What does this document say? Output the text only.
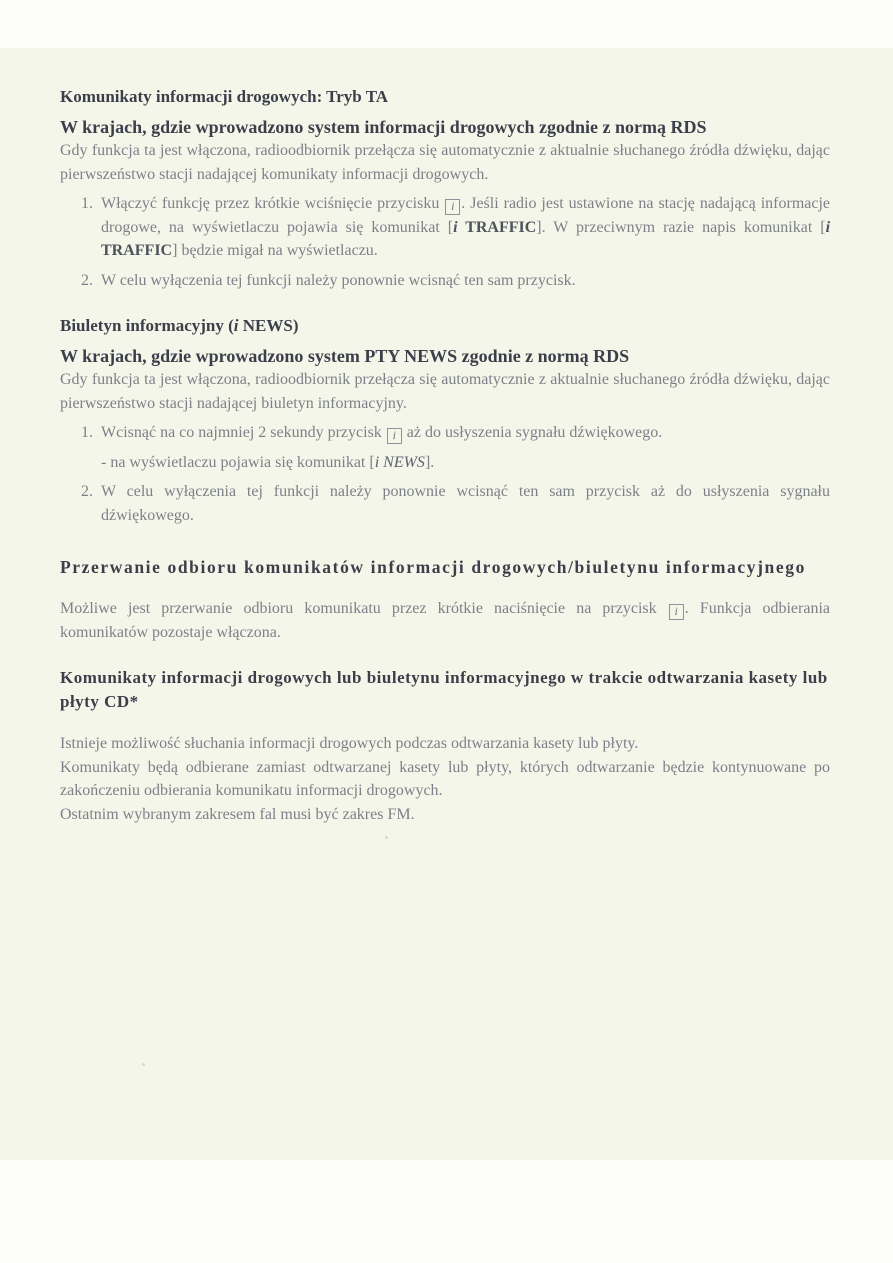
Komunikaty informacji drogowych: Tryb TA
W krajach, gdzie wprowadzono system informacji drogowych zgodnie z normą RDS

Gdy funkcja ta jest włączona, radioodbiornik przełącza się automatycznie z aktualnie słuchanego źródła dźwięku, dając pierwszeństwo stacji nadającej komunikaty informacji drogowych.

1. Włączyć funkcję przez krótkie wciśnięcie przycisku i . Jeśli radio jest ustawione na stację nadającą informacje drogowe, na wyświetlaczu pojawia się komunikat [i TRAFFIC]. W przeciwnym razie napis komunikat [i TRAFFIC] będzie migał na wyświetlaczu.
2. W celu wyłączenia tej funkcji należy ponownie wcisnąć ten sam przycisk.
Biuletyn informacyjny (i NEWS)
W krajach, gdzie wprowadzono system PTY NEWS zgodnie z normą RDS

Gdy funkcja ta jest włączona, radioodbiornik przełącza się automatycznie z aktualnie słuchanego źródła dźwięku, dając pierwszeństwo stacji nadającej biuletyn informacyjny.

1. Wcisnąć na co najmniej 2 sekundy przycisk i aż do usłyszenia sygnału dźwiękowego.
- na wyświetlaczu pojawia się komunikat [i NEWS].
2. W celu wyłączenia tej funkcji należy ponownie wcisnąć ten sam przycisk aż do usłyszenia sygnału dźwiękowego.
Przerwanie odbioru komunikatów informacji drogowych/biuletynu informacyjnego

Możliwe jest przerwanie odbioru komunikatu przez krótkie naciśnięcie na przycisk i . Funkcja odbierania komunikatów pozostaje włączona.

Komunikaty informacji drogowych lub biuletynu informacyjnego w trakcie odtwarzania kasety lub płyty CD*

Istnieje możliwość słuchania informacji drogowych podczas odtwarzania kasety lub płyty.

Komunikaty będą odbierane zamiast odtwarzanej kasety lub płyty, których odtwarzanie będzie kontynuowane po zakończeniu odbierania komunikatu informacji drogowych.

Ostatnim wybranym zakresem fal musi być zakres FM.
